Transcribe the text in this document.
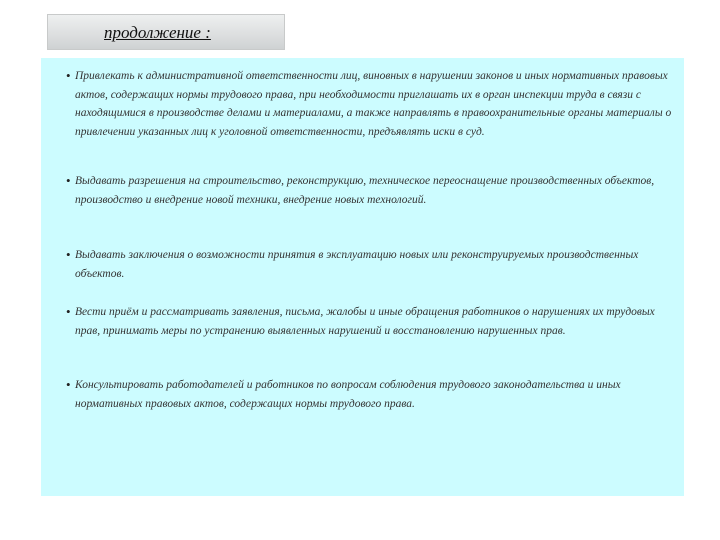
продолжение :
• Привлекать к административной ответственности лиц, виновных в нарушении законов и иных нормативных правовых актов, содержащих нормы трудового права, при необходимости приглашать их в орган инспекции труда в связи с находящимися в производстве делами и материалами, а также направлять в правоохранительные органы материалы о привлечении указанных лиц к уголовной ответственности, предъявлять иски в суд.
• Выдавать разрешения на строительство, реконструкцию, техническое переоснащение производственных объектов, производство и внедрение новой техники, внедрение новых технологий.
• Выдавать заключения о возможности принятия в эксплуатацию новых или реконструируемых производственных объектов.
• Вести приём и рассматривать заявления, письма, жалобы и иные обращения работников о нарушениях их трудовых прав, принимать меры по устранению выявленных нарушений и восстановлению нарушенных прав.
• Консультировать работодателей и работников по вопросам соблюдения трудового законодательства и иных нормативных правовых актов, содержащих нормы трудового права.
